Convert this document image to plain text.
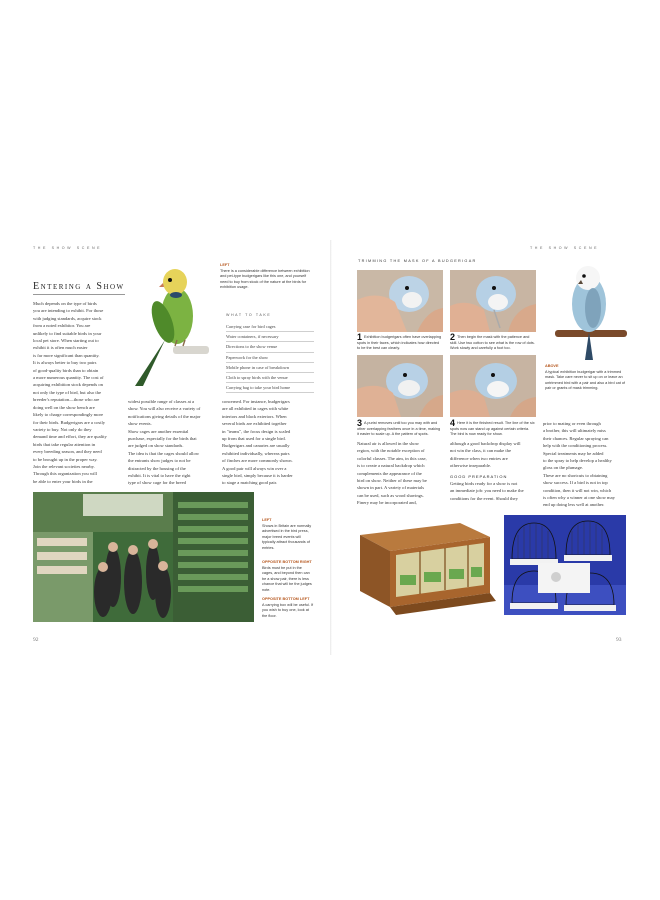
THE SHOW SCENE
Entering a Show
Much depends on the type of birds
you are intending to exhibit. For those
with judging standards, acquire stock
from a noted exhibitor. You are
unlikely to find suitable birds in your
local pet store. When starting out to
exhibit it is often much easier
is far more significant than quantity.
It is always better to buy two pairs
of good-quality birds than to obtain
a more numerous quantity. The cost of
acquiring exhibition stock depends on
not only the type of bird, but also the
breeder's reputation—those who are
doing well on the show bench are
likely to charge correspondingly more
for their birds. Budgerigars are a costly
variety to buy. Not only do they
demand time and effort, they are quality
birds that take regular attention in
every breeding season, and they need
to be brought up in the proper way.
Join the relevant societies nearby.
Through this organization you will
be able to enter your birds in the
LEFT
There is a considerable difference between exhibition and pet-type budgerigars like this one, and yourself need to buy from stock of the nature at the birds for exhibition usage.
WHAT TO TAKE
Carrying case for bird cages
Water containers, if necessary
Directions to the show venue
Paperwork for the show
Mobile phone in case of breakdown
Cloth to spray birds with the venue
Carrying bag to take your bird home
widest possible range of classes at a
show. You will also receive a variety of
notifications giving details of the major
show events.
Show cages are another essential
purchase, especially for the birds that
are judged on show standards.
The idea is that the cages should allow
the entrants show judges to not be
distracted by the housing of the
exhibit. It is vital to have the right
type of show cage for the breed
concerned. For instance, budgerigars
are all exhibited in cages with white
interiors and black exteriors. When
several birds are exhibited together
in "teams", the focus design is scaled
up from that used for a single bird.
Budgerigars and canaries are usually
exhibited individually, whereas pairs
of finches are more commonly shown.
A good pair will always win over a
single bird, simply because it is harder
to stage a matching good pair.
LEFT
Shows in Britain are normally advertised in the bird press, major breed events will typically attract thousands of entries.
OPPOSITE BOTTOM RIGHT
Birds must be put in the cages, and beyond then can be a show pair, there is less chance that will be the judges note.
OPPOSITE BOTTOM LEFT
A carrying box will be useful. If you wish to buy one, look at the floor.
92
THE SHOW SCENE
TRIMMING THE MASK OF A BUDGERIGAR
1 Exhibition budgerigars often have overlapping spots in their faces, which indicates how directed to be the best can clearly.
2 Then begin the mask with the patience and skill. Use two cotton to see what is the row of dots. Work slowly and carefully a foot too.
3 A purist removes until too you may with and other overlapping feathers once in a time, making it easier to scale up. A the pattern of spots.
4 Here it is the finished result. The line of the six spots now can stand up against certain criteria. The bird is now ready for show.
ABOVE
A typical exhibition budgerigar with a trimmed mask. Take care never to sit up on or leave an untrimmed bird with a pair and also a bird cat of pair or grants of mask trimming.
Natural air is allowed in the show
region, with the notable exception of
colorful classes. The aim, in this case,
is to create a natural backdrop which
complements the appearance of the
bird on show. Neither of these may be
shown in part. A variety of materials
can be used, such as wood shavings.
Finery may be incorporated and,
although a good backdrop display will
not win the class, it can make the
difference when two entries are
otherwise inseparable.
GOOD PREPARATION
Getting birds ready for a show is not
an immediate job: you need to make the
conditions for the event. Should they
prior to mating or even through
a brother, this will ultimately miss
their chances. Regular spraying can
help with the conditioning process.
Special treatments may be added
to the spray to help develop a healthy
gloss on the plumage.
These are no shortcuts to obtaining
show success. If a bird is not in top
condition, then it will not win, which
is often why a winner at one show may
end up doing less well at another.
93
